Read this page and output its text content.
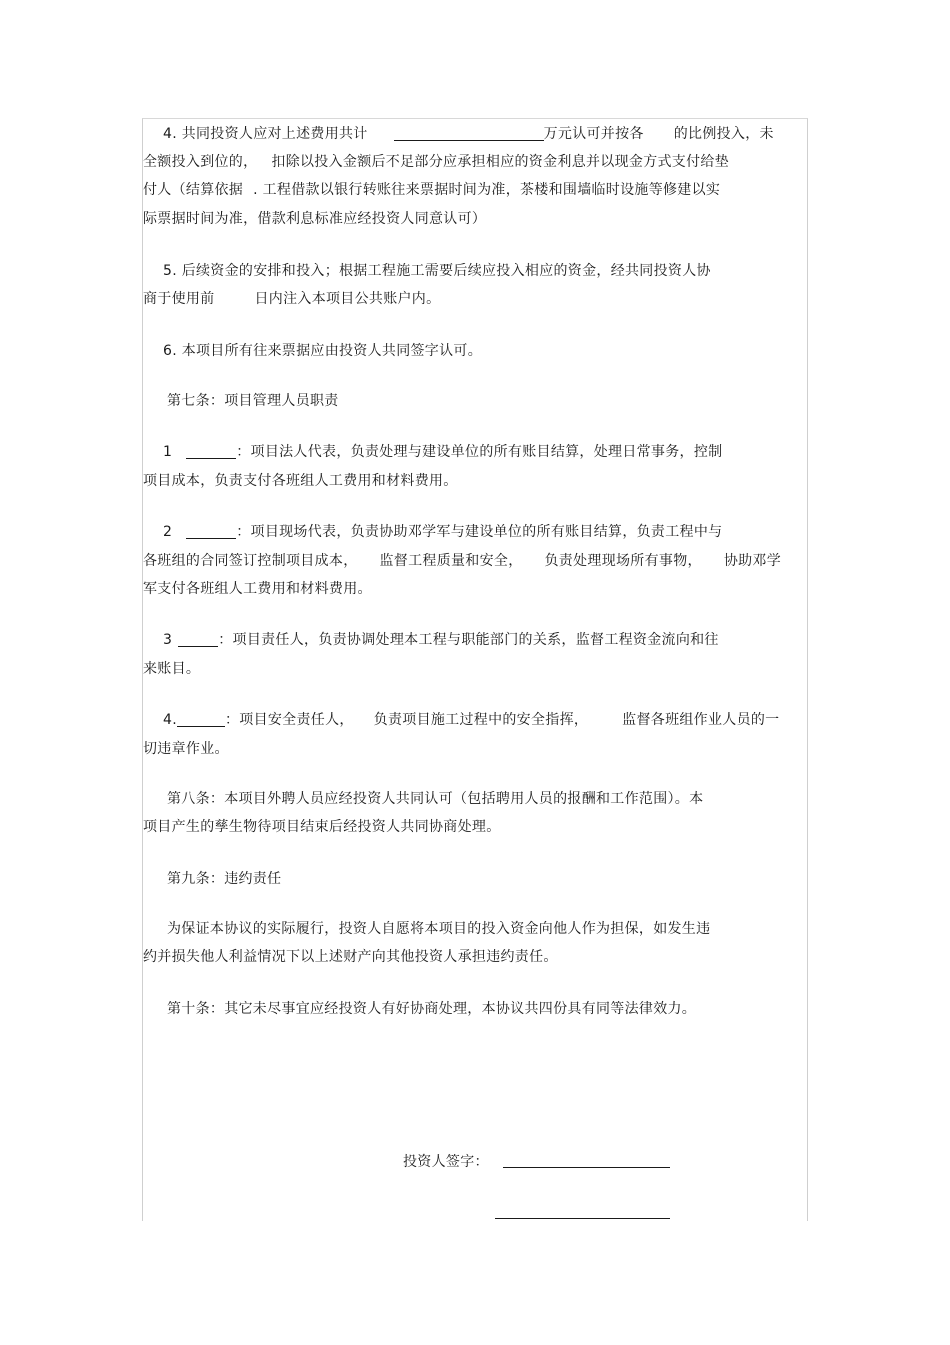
4. 共同投资人应对上述费用共计	万元认可并按各 的比例投入，未
全额投入到位的， 扣除以投入金额后不足部分应承担相应的资金利息并以现金方式支付给垫
付人（结算依据 . 工程借款以银行转账往来票据时间为准，茶楼和围墙临时设施等修建以实
际票据时间为准，借款利息标准应经投资人同意认可）
5. 后续资金的安排和投入；根据工程施工需要后续应投入相应的资金，经共同投资人协
商于使用前	日内注入本项目公共账户内。
6. 本项目所有往来票据应由投资人共同签字认可。
第七条：项目管理人员职责
1	：项目法人代表，负责处理与建设单位的所有账目结算，处理日常事务，控制
项目成本，负责支付各班组人工费用和材料费用。
2	：项目现场代表，负责协助邓学军与建设单位的所有账目结算，负责工程中与
各班组的合同签订控制项目成本， 监督工程质量和安全， 负责处理现场所有事物， 协助邓学
军支付各班组人工费用和材料费用。
3	：项目责任人，负责协调处理本工程与职能部门的关系，监督工程资金流向和往
来账目。
4.	：项目安全责任人， 负责项目施工过程中的安全指挥， 监督各班组作业人员的一
切违章作业。
第八条：本项目外聘人员应经投资人共同认可（包括聘用人员的报酬和工作范围）。本
项目产生的孳生物待项目结束后经投资人共同协商处理。
第九条：违约责任
为保证本协议的实际履行，投资人自愿将本项目的投入资金向他人作为担保，如发生违
约并损失他人利益情况下以上述财产向其他投资人承担违约责任。
第十条：其它未尽事宜应经投资人有好协商处理，本协议共四份具有同等法律效力。
投资人签字：
